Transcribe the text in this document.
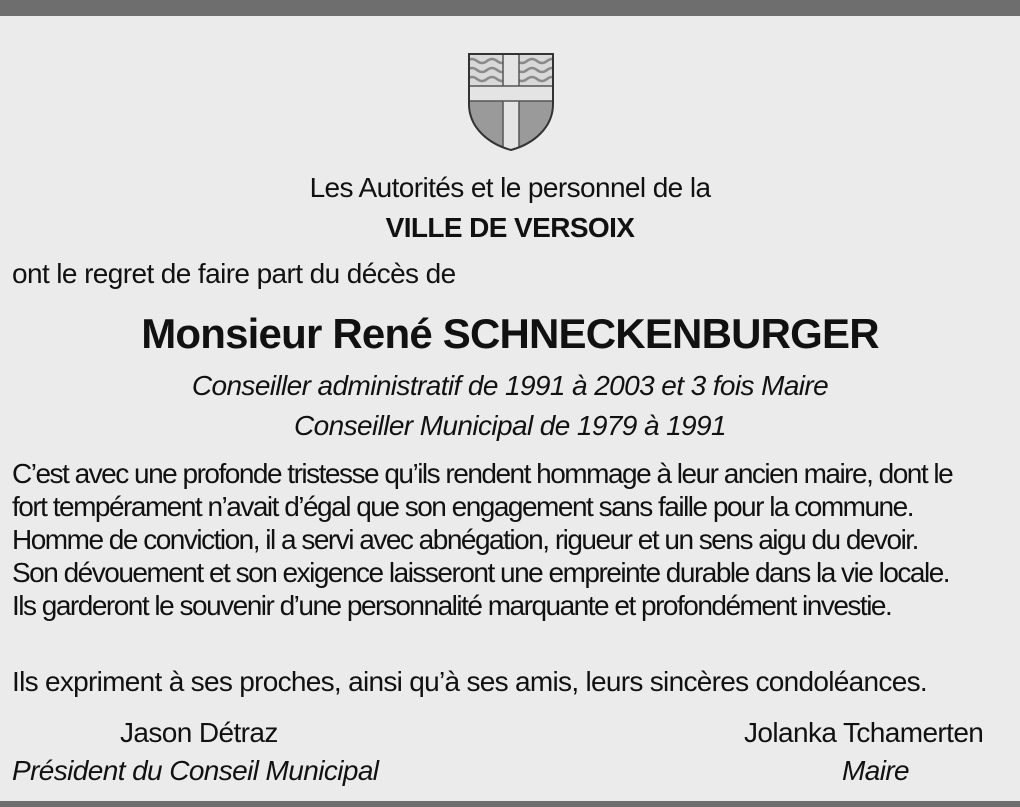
Les Autorités et le personnel de la
VILLE DE VERSOIX
ont le regret de faire part du décès de
Monsieur René SCHNECKENBURGER
Conseiller administratif de 1991 à 2003 et 3 fois Maire
Conseiller Municipal de 1979 à 1991
C’est avec une profonde tristesse qu’ils rendent hommage à leur ancien maire, dont le
fort tempérament n’avait d’égal que son engagement sans faille pour la commune.
Homme de conviction, il a servi avec abnégation, rigueur et un sens aigu du devoir.
Son dévouement et son exigence laisseront une empreinte durable dans la vie locale.
Ils garderont le souvenir d’une personnalité marquante et profondément investie.
Ils expriment à ses proches, ainsi qu’à ses amis, leurs sincères condoléances.
Jason Détraz
Président du Conseil Municipal
Jolanka Tchamerten
Maire
